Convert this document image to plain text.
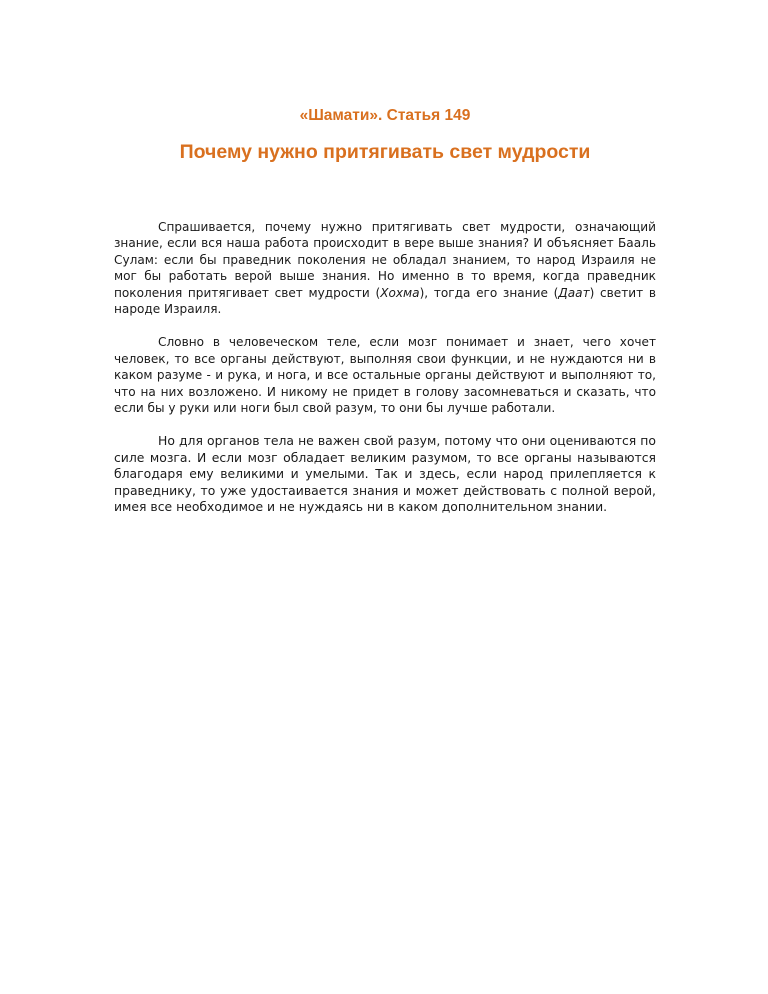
«Шамати». Статья 149
Почему нужно притягивать свет мудрости

Спрашивается, почему нужно притягивать свет мудрости, означающий знание, если вся наша работа происходит в вере выше знания? И объясняет Бааль Сулам: если бы праведник поколения не обладал знанием, то народ Израиля не мог бы работать верой выше знания. Но именно в то время, когда праведник поколения притягивает свет мудрости (Хохма), тогда его знание (Даат) светит в народе Израиля.

Словно в человеческом теле, если мозг понимает и знает, чего хочет человек, то все органы действуют, выполняя свои функции, и не нуждаются ни в каком разуме - и рука, и нога, и все остальные органы действуют и выполняют то, что на них возложено. И никому не придет в голову засомневаться и сказать, что если бы у руки или ноги был свой разум, то они бы лучше работали.

Но для органов тела не важен свой разум, потому что они оцениваются по силе мозга. И если мозг обладает великим разумом, то все органы называются благодаря ему великими и умелыми. Так и здесь, если народ прилепляется к праведнику, то уже удостаивается знания и может действовать с полной верой, имея все необходимое и не нуждаясь ни в каком дополнительном знании.
